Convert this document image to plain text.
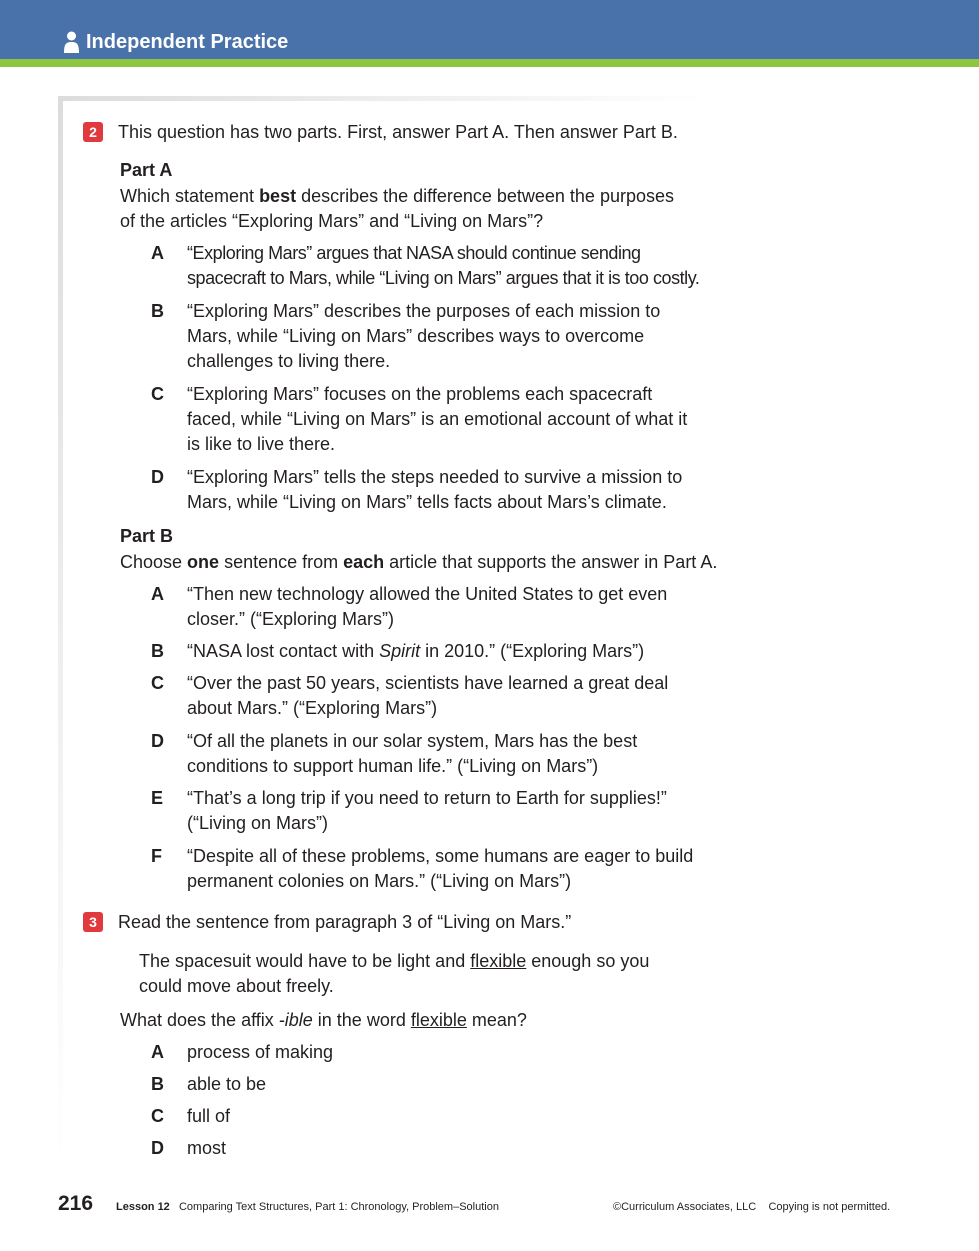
Independent Practice
2	This question has two parts. First, answer Part A. Then answer Part B.
Part A
Which statement best describes the difference between the purposes
of the articles “Exploring Mars” and “Living on Mars”?
A “Exploring Mars” argues that NASA should continue sending
spacecraft to Mars, while “Living on Mars” argues that it is too costly.
B “Exploring Mars” describes the purposes of each mission to
Mars, while “Living on Mars” describes ways to overcome
challenges to living there.
C “Exploring Mars” focuses on the problems each spacecraft
faced, while “Living on Mars” is an emotional account of what it
is like to live there.
D “Exploring Mars” tells the steps needed to survive a mission to
Mars, while “Living on Mars” tells facts about Mars’s climate.
Part B
Choose one sentence from each article that supports the answer in Part A.
A “Then new technology allowed the United States to get even
closer.” (“Exploring Mars”)
B “NASA lost contact with Spirit in 2010.” (“Exploring Mars”)
C “Over the past 50 years, scientists have learned a great deal
about Mars.” (“Exploring Mars”)
D “Of all the planets in our solar system, Mars has the best
conditions to support human life.” (“Living on Mars”)
E “That’s a long trip if you need to return to Earth for supplies!”
(“Living on Mars”)
F “Despite all of these problems, some humans are eager to build
permanent colonies on Mars.” (“Living on Mars”)
3	Read the sentence from paragraph 3 of “Living on Mars.”
The spacesuit would have to be light and flexible enough so you
could move about freely.
What does the affix -ible in the word flexible mean?
A process of making
B able to be
C full of
D most
216 Lesson 12 Comparing Text Structures, Part 1: Chronology, Problem–Solution	©Curriculum Associates, LLC Copying is not permitted.
